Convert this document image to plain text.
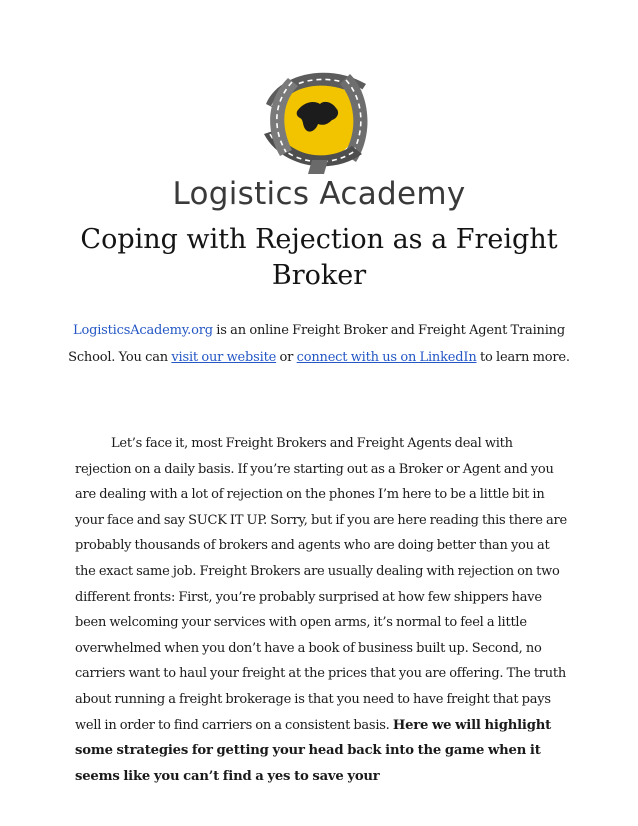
Logistics Academy
Coping with Rejection as a Freight Broker
LogisticsAcademy.org is an online Freight Broker and Freight Agent Training School. You can visit our website or connect with us on LinkedIn to learn more.

Let’s face it, most Freight Brokers and Freight Agents deal with rejection on a daily basis. If you’re starting out as a Broker or Agent and you are dealing with a lot of rejection on the phones I’m here to be a little bit in your face and say SUCK IT UP. Sorry, but if you are here reading this there are probably thousands of brokers and agents who are doing better than you at the exact same job. Freight Brokers are usually dealing with rejection on two different fronts: First, you’re probably surprised at how few shippers have been welcoming your services with open arms, it’s normal to feel a little overwhelmed when you don’t have a book of business built up. Second, no carriers want to haul your freight at the prices that you are offering. The truth about running a freight brokerage is that you need to have freight that pays well in order to find carriers on a consistent basis. Here we will highlight some strategies for getting your head back into the game when it seems like you can’t find a yes to save your
